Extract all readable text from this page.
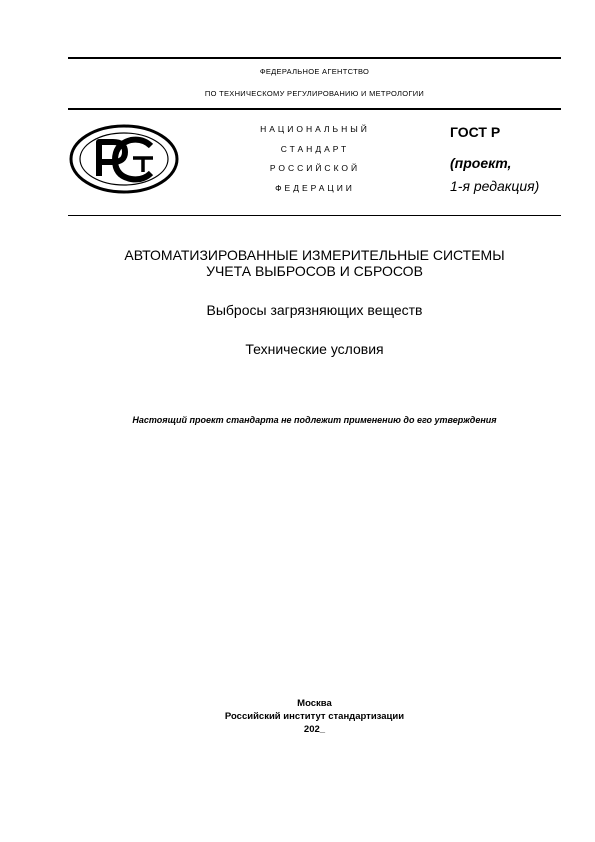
ФЕДЕРАЛЬНОЕ АГЕНТСТВО
ПО ТЕХНИЧЕСКОМУ РЕГУЛИРОВАНИЮ И МЕТРОЛОГИИ
НАЦИОНАЛЬНЫЙ
СТАНДАРТ
РОССИЙСКОЙ
ФЕДЕРАЦИИ
ГОСТ Р
(проект,
1-я редакция)
АВТОМАТИЗИРОВАННЫЕ ИЗМЕРИТЕЛЬНЫЕ СИСТЕМЫ
УЧЕТА ВЫБРОСОВ И СБРОСОВ
Выбросы загрязняющих веществ
Технические условия
Настоящий проект стандарта не подлежит применению до его утверждения
Москва
Российский институт стандартизации
202_
